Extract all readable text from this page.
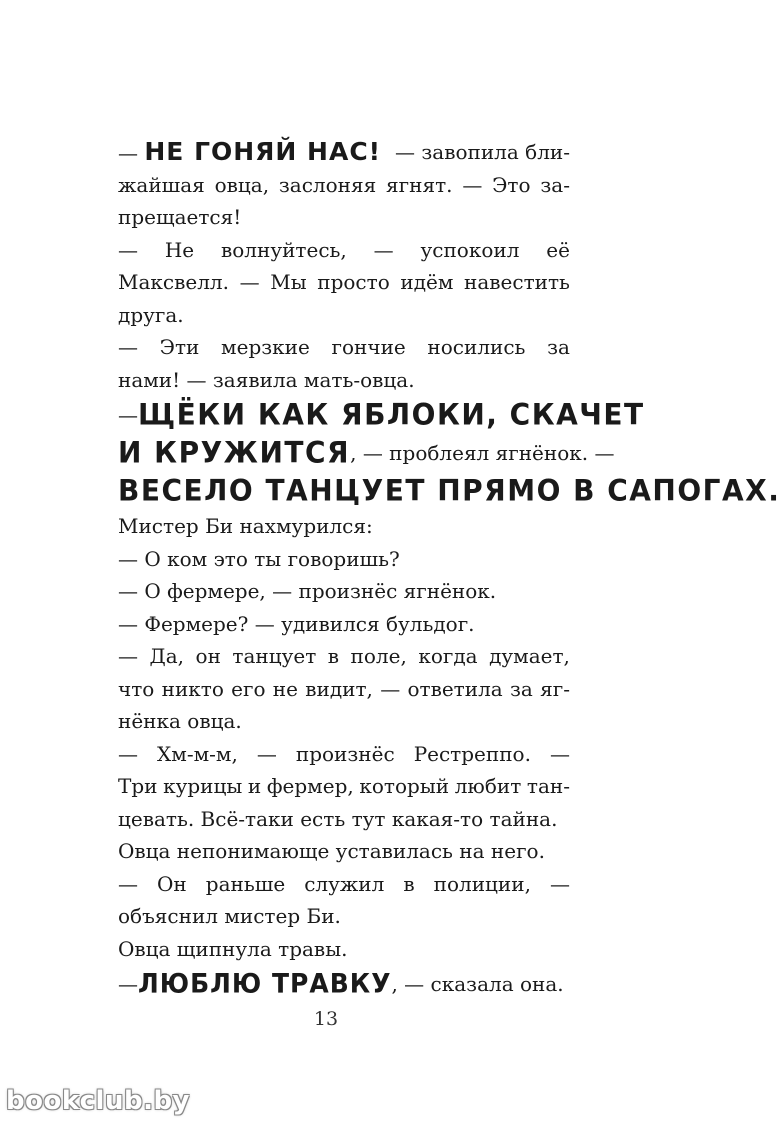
— НЕ ГОНЯЙ НАС! — завопила бли-
жайшая овца, заслоняя ягнят. — Это за-
прещается!
— Не волнуйтесь, — успокоил её
Максвелл. — Мы просто идём навестить
друга.
— Эти мерзкие гончие носились за
нами! — заявила мать-овца.
— ЩЁКИ КАК ЯБЛОКИ, СКАЧЕТ
И КРУЖИТСЯ , — проблеял ягнёнок. —
ВЕСЕЛО ТАНЦУЕТ ПРЯМО В САПОГАХ.
Мистер Би нахмурился:
— О ком это ты говоришь?
— О фермере, — произнёс ягнёнок.
— Фермере? — удивился бульдог.
— Да, он танцует в поле, когда думает,
что никто его не видит, — ответила за яг-
нёнка овца.
— Хм-м-м, — произнёс Рестреппо. —
Три курицы и фермер, который любит тан-
цевать. Всё-таки есть тут какая-то тайна.
Овца непонимающе уставилась на него.
— Он раньше служил в полиции, —
объяснил мистер Би.
Овца щипнула травы.
— ЛЮБЛЮ ТРАВКУ , — сказала она.
13
bookclub.by
